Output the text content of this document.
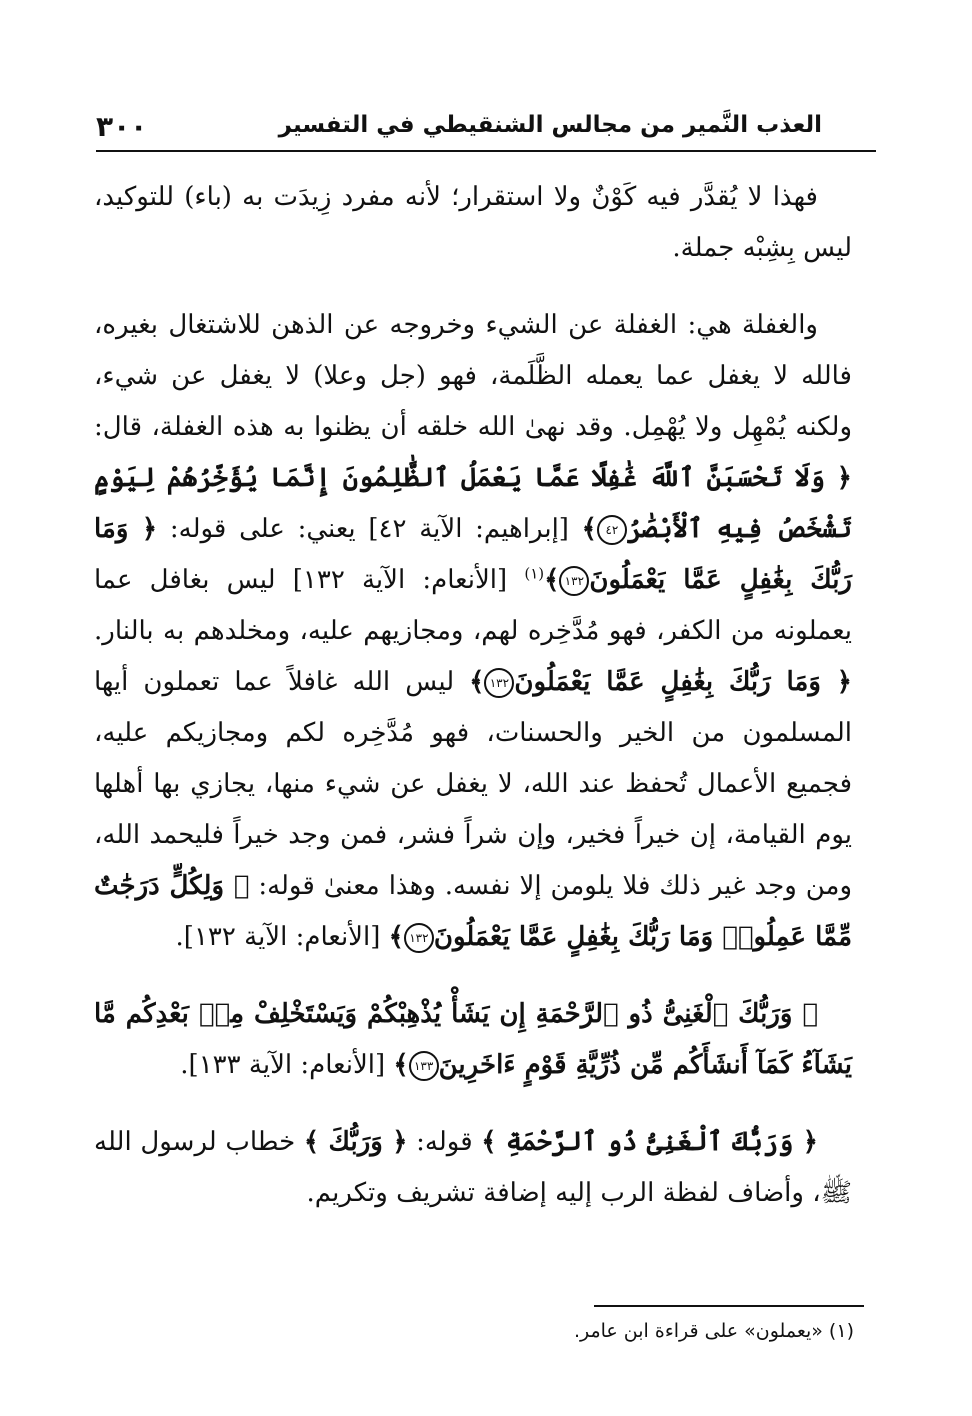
العذب النَّمير من مجالس الشنقيطي في التفسير
٣٠٠

فهذا لا يُقدَّر فيه كَوْنٌ ولا استقرار؛ لأنه مفرد زِيدَت به (باء) للتوكيد، ليس بِشِبْه جملة.

والغفلة هي: الغفلة عن الشيء وخروجه عن الذهن للاشتغال بغيره، فالله لا يغفل عما يعمله الظَّلَمة، فهو (جل وعلا) لا يغفل عن شيء، ولكنه يُمْهِل ولا يُهْمِل. وقد نهىٰ الله خلقه أن يظنوا به هذه الغفلة، قال: ﴿ وَلَا تَحْسَبَنَّ ٱللَّهَ غَٰفِلًا عَمَّا يَعْمَلُ ٱلظَّٰلِمُونَ إِنَّمَا يُؤَخِّرُهُمْ لِيَوْمٍ تَشْخَصُ فِيهِ ٱلْأَبْصَٰرُ٤٢﴾ [إبراهيم: الآية ٤٢] يعني: على قوله: ﴿ وَمَا رَبُّكَ بِغَٰفِلٍ عَمَّا يَعْمَلُونَ١٣٢﴾$^{(١)}$ [الأنعام: الآية ١٣٢] ليس بغافل عما يعملونه من الكفر، فهو مُدَّخِره لهم، ومجازيهم عليه، ومخلدهم به بالنار. ﴿ وَمَا رَبُّكَ بِغَٰفِلٍ عَمَّا يَعْمَلُونَ١٣٢﴾ ليس الله غافلاً عما تعملون أيها المسلمون من الخير والحسنات، فهو مُدَّخِره لكم ومجازيكم عليه، فجميع الأعمال تُحفظ عند الله، لا يغفل عن شيء منها، يجازي بها أهلها يوم القيامة، إن خيراً فخير، وإن شراً فشر، فمن وجد خيراً فليحمد الله، ومن وجد غير ذلك فلا يلومن إلا نفسه. وهذا معنىٰ قوله: ﴿ وَلِكُلٍّ دَرَجَٰتٌ مِّمَّا عَمِلُوا۟ وَمَا رَبُّكَ بِغَٰفِلٍ عَمَّا يَعْمَلُونَ١٣٢﴾ [الأنعام: الآية ١٣٢].

﴿ وَرَبُّكَ ٱلْغَنِىُّ ذُو ٱلرَّحْمَةِ إِن يَشَأْ يُذْهِبْكُمْ وَيَسْتَخْلِفْ مِنۢ بَعْدِكُم مَّا يَشَآءُ كَمَآ أَنشَأَكُم مِّن ذُرِّيَّةِ قَوْمٍ ءَاخَرِينَ١٣٣﴾ [الأنعام: الآية ١٣٣].

﴿ وَرَبُّكَ ٱلْغَنِىُّ ذُو ٱلرَّحْمَةِ ﴾ قوله: ﴿ وَرَبُّكَ ﴾ خطاب لرسول الله ﷺ، وأضاف لفظة الرب إليه إضافة تشريف وتكريم.

(١) «يعملون» على قراءة ابن عامر.
